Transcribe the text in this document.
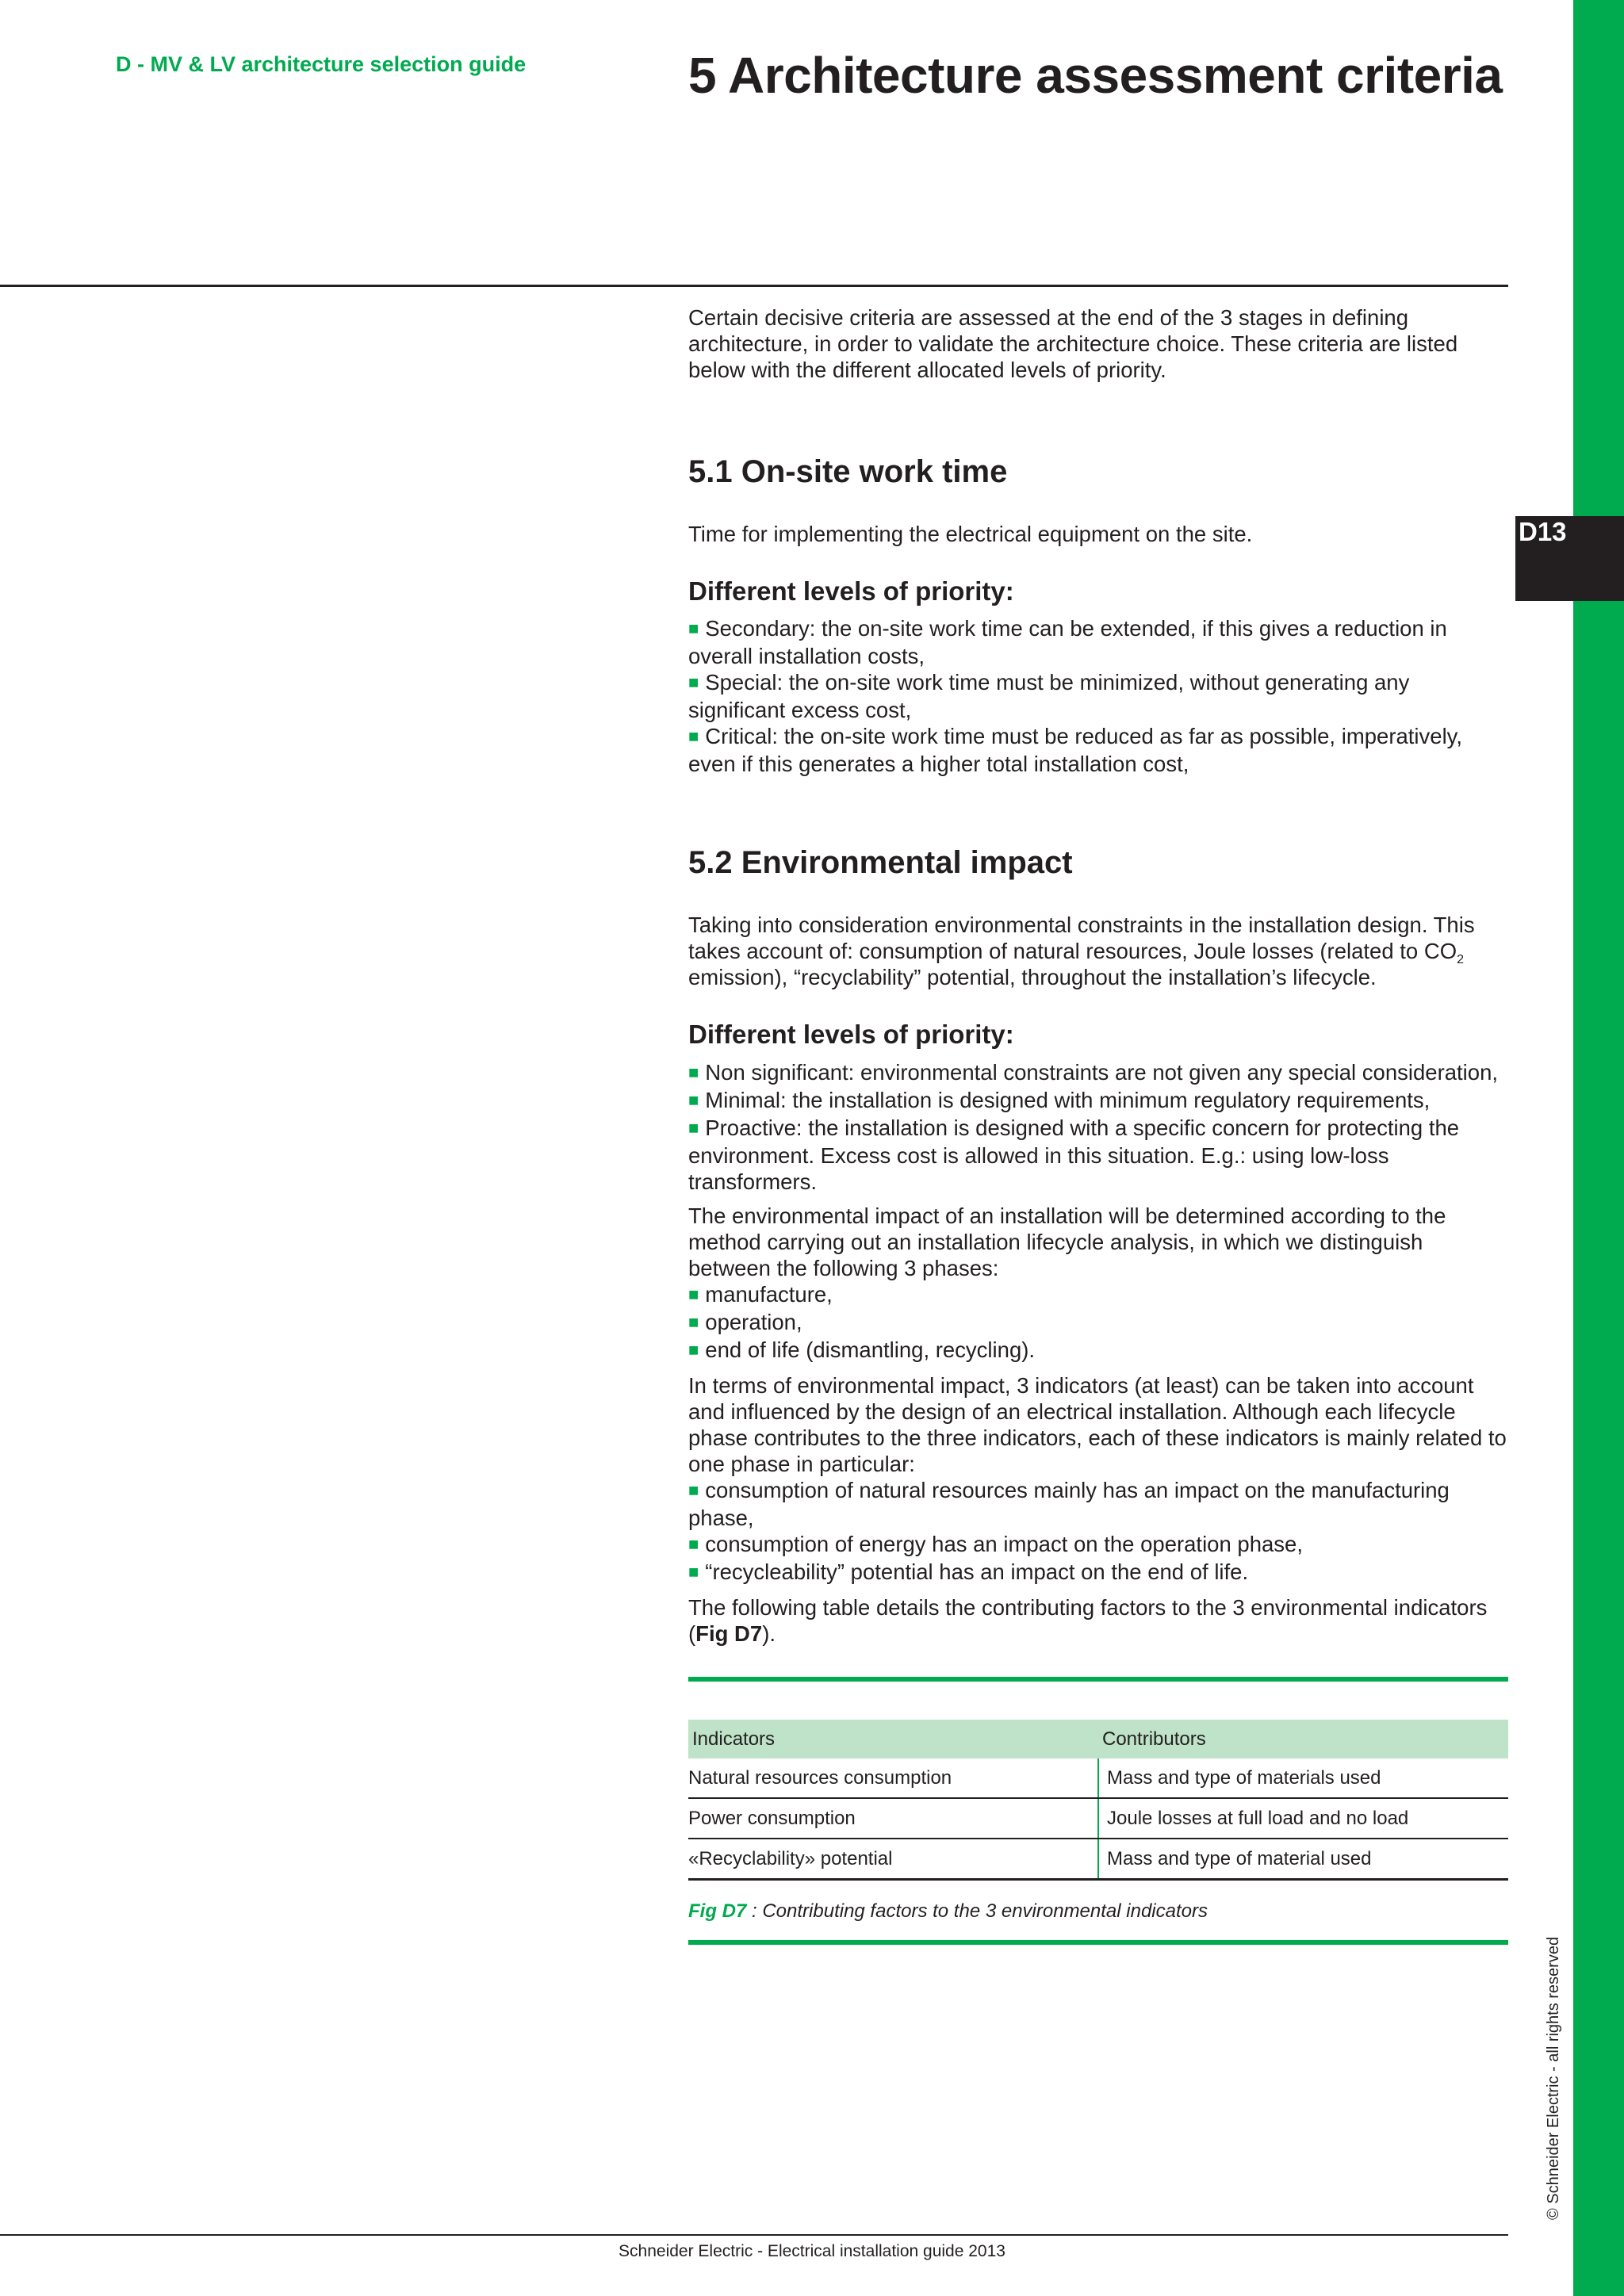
D13
© Schneider Electric - all rights reserved
D - MV & LV architecture selection guide	5 Architecture assessment criteria

Certain decisive criteria are assessed at the end of the 3 stages in defining architecture, in order to validate the architecture choice. These criteria are listed below with the different allocated levels of priority.

5.1 On-site work time

Time for implementing the electrical equipment on the site.

Different levels of priority:

■ Secondary: the on-site work time can be extended, if this gives a reduction in overall installation costs,

■ Special: the on-site work time must be minimized, without generating any significant excess cost,

■ Critical: the on-site work time must be reduced as far as possible, imperatively, even if this generates a higher total installation cost,

5.2 Environmental impact

Taking into consideration environmental constraints in the installation design. This takes account of: consumption of natural resources, Joule losses (related to $CO_2$ emission), “recyclability” potential, throughout the installation’s lifecycle.

Different levels of priority:

■ Non significant: environmental constraints are not given any special consideration,

■ Minimal: the installation is designed with minimum regulatory requirements,

■ Proactive: the installation is designed with a specific concern for protecting the environment. Excess cost is allowed in this situation. E.g.: using low-loss transformers.

The environmental impact of an installation will be determined according to the method carrying out an installation lifecycle analysis, in which we distinguish between the following 3 phases:

■ manufacture,

■ operation,

■ end of life (dismantling, recycling).

In terms of environmental impact, 3 indicators (at least) can be taken into account and influenced by the design of an electrical installation. Although each lifecycle phase contributes to the three indicators, each of these indicators is mainly related to one phase in particular:

■ consumption of natural resources mainly has an impact on the manufacturing phase,

■ consumption of energy has an impact on the operation phase,

■ “recycleability” potential has an impact on the end of life.

The following table details the contributing factors to the 3 environmental indicators (Fig D7).

Indicators	Contributors
Natural resources consumption	Mass and type of materials used
Power consumption	Joule losses at full load and no load
«Recyclability» potential	Mass and type of material used

Fig D7 : Contributing factors to the 3 environmental indicators

Schneider Electric - Electrical installation guide 2013
